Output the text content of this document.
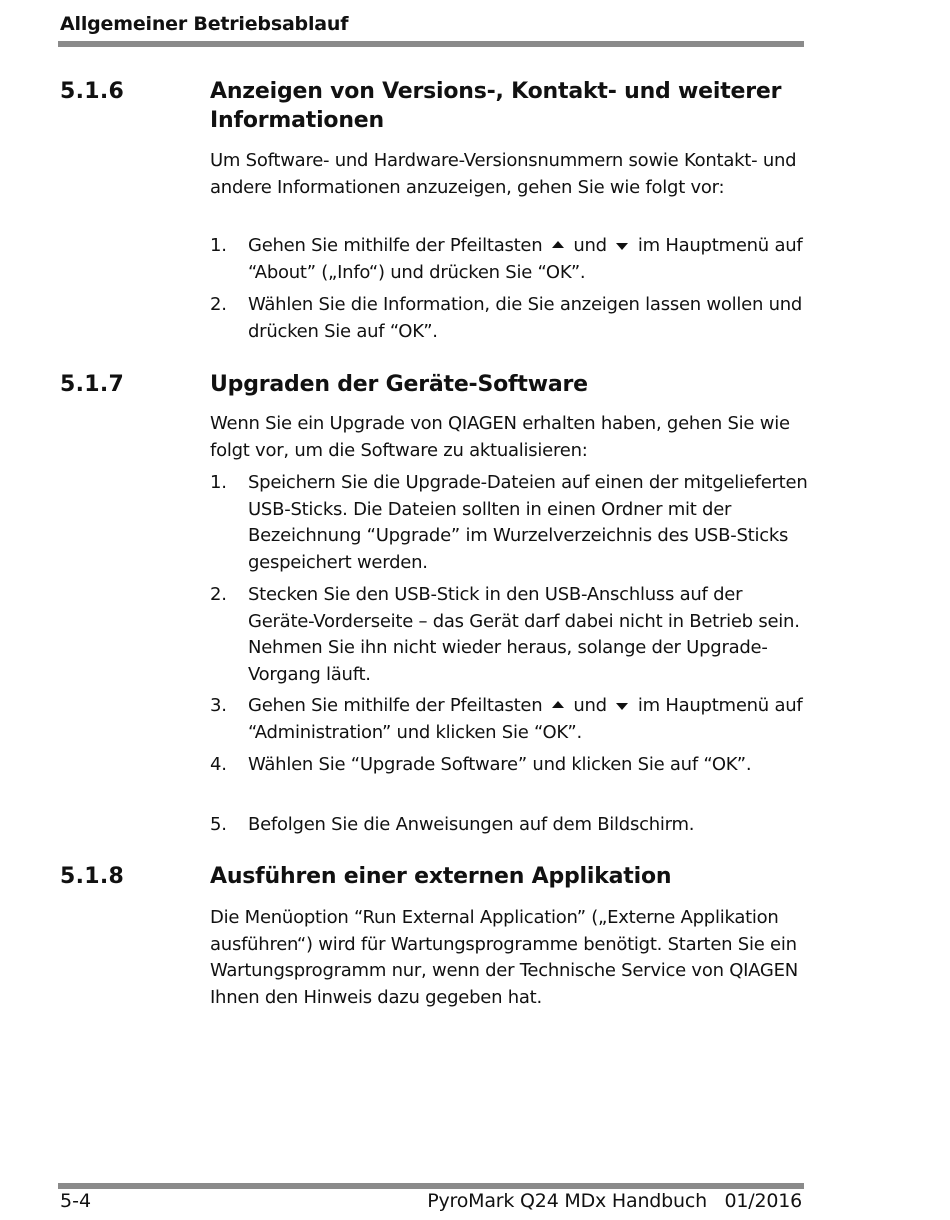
Allgemeiner Betriebsablauf
5.1.6	Anzeigen von Versions-, Kontakt- und weiterer Informationen
Um Software- und Hardware-Versionsnummern sowie Kontakt- und andere Informationen anzuzeigen, gehen Sie wie folgt vor:
1.	Gehen Sie mithilfe der Pfeiltasten und im Hauptmenü auf “About” („Info“) und drücken Sie “OK”.
2.	Wählen Sie die Information, die Sie anzeigen lassen wollen und drücken Sie auf “OK”.
5.1.7	Upgraden der Geräte-Software
Wenn Sie ein Upgrade von QIAGEN erhalten haben, gehen Sie wie folgt vor, um die Software zu aktualisieren:
1.	Speichern Sie die Upgrade-Dateien auf einen der mitgelieferten USB-Sticks. Die Dateien sollten in einen Ordner mit der Bezeichnung “Upgrade” im Wurzelverzeichnis des USB-Sticks gespeichert werden.
2.	Stecken Sie den USB-Stick in den USB-Anschluss auf der Geräte-Vorderseite – das Gerät darf dabei nicht in Betrieb sein. Nehmen Sie ihn nicht wieder heraus, solange der Upgrade-Vorgang läuft.
3.	Gehen Sie mithilfe der Pfeiltasten und im Hauptmenü auf “Administration” und klicken Sie “OK”.
4.	Wählen Sie “Upgrade Software” und klicken Sie auf “OK”.
5.	Befolgen Sie die Anweisungen auf dem Bildschirm.
5.1.8	Ausführen einer externen Applikation
Die Menüoption “Run External Application” („Externe Applikation ausführen“) wird für Wartungsprogramme benötigt. Starten Sie ein Wartungsprogramm nur, wenn der Technische Service von QIAGEN Ihnen den Hinweis dazu gegeben hat.
5-4	PyroMark Q24 MDx Handbuch   01/2016
